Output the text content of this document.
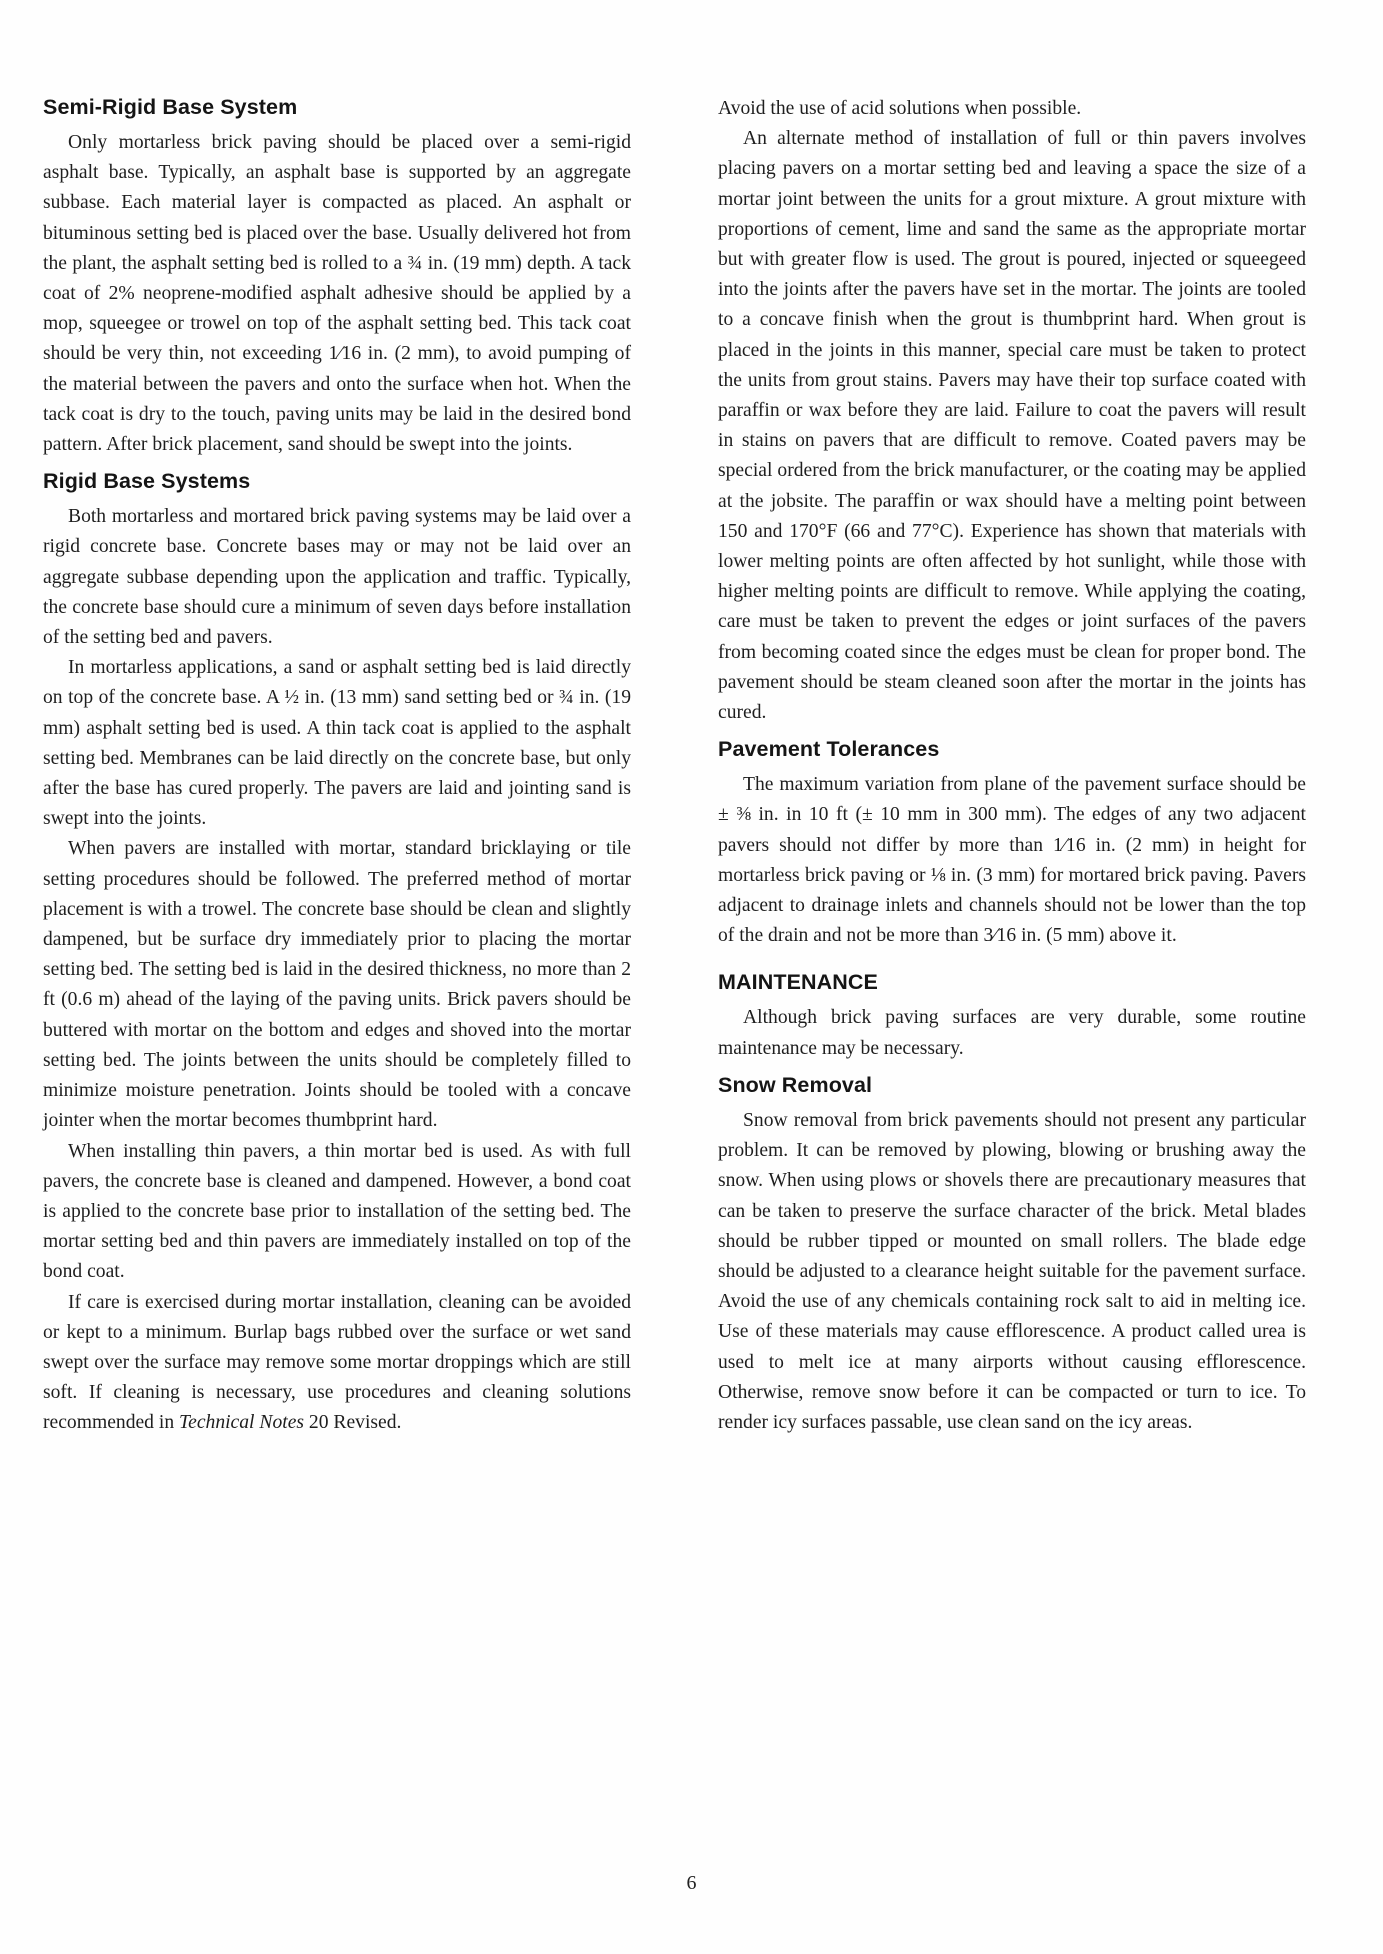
Semi-Rigid Base System

Only mortarless brick paving should be placed over a semi-rigid asphalt base. Typically, an asphalt base is supported by an aggregate subbase. Each material layer is compacted as placed. An asphalt or bituminous setting bed is placed over the base. Usually delivered hot from the plant, the asphalt setting bed is rolled to a ¾ in. (19 mm) depth. A tack coat of 2% neoprene-modified asphalt adhesive should be applied by a mop, squeegee or trowel on top of the asphalt setting bed. This tack coat should be very thin, not exceeding 1⁄16 in. (2 mm), to avoid pumping of the material between the pavers and onto the surface when hot. When the tack coat is dry to the touch, paving units may be laid in the desired bond pattern. After brick placement, sand should be swept into the joints.

Rigid Base Systems

Both mortarless and mortared brick paving systems may be laid over a rigid concrete base. Concrete bases may or may not be laid over an aggregate subbase depending upon the application and traffic. Typically, the concrete base should cure a minimum of seven days before installation of the setting bed and pavers.

In mortarless applications, a sand or asphalt setting bed is laid directly on top of the concrete base. A ½ in. (13 mm) sand setting bed or ¾ in. (19 mm) asphalt setting bed is used. A thin tack coat is applied to the asphalt setting bed. Membranes can be laid directly on the concrete base, but only after the base has cured properly. The pavers are laid and jointing sand is swept into the joints.

When pavers are installed with mortar, standard bricklaying or tile setting procedures should be followed. The preferred method of mortar placement is with a trowel. The concrete base should be clean and slightly dampened, but be surface dry immediately prior to placing the mortar setting bed. The setting bed is laid in the desired thickness, no more than 2 ft (0.6 m) ahead of the laying of the paving units. Brick pavers should be buttered with mortar on the bottom and edges and shoved into the mortar setting bed. The joints between the units should be completely filled to minimize moisture penetration. Joints should be tooled with a concave jointer when the mortar becomes thumbprint hard.

When installing thin pavers, a thin mortar bed is used. As with full pavers, the concrete base is cleaned and dampened. However, a bond coat is applied to the concrete base prior to installation of the setting bed. The mortar setting bed and thin pavers are immediately installed on top of the bond coat.

If care is exercised during mortar installation, cleaning can be avoided or kept to a minimum. Burlap bags rubbed over the surface or wet sand swept over the surface may remove some mortar droppings which are still soft. If cleaning is necessary, use procedures and cleaning solutions recommended in Technical Notes 20 Revised.

Avoid the use of acid solutions when possible.

An alternate method of installation of full or thin pavers involves placing pavers on a mortar setting bed and leaving a space the size of a mortar joint between the units for a grout mixture. A grout mixture with proportions of cement, lime and sand the same as the appropriate mortar but with greater flow is used. The grout is poured, injected or squeegeed into the joints after the pavers have set in the mortar. The joints are tooled to a concave finish when the grout is thumbprint hard. When grout is placed in the joints in this manner, special care must be taken to protect the units from grout stains. Pavers may have their top surface coated with paraffin or wax before they are laid. Failure to coat the pavers will result in stains on pavers that are difficult to remove. Coated pavers may be special ordered from the brick manufacturer, or the coating may be applied at the jobsite. The paraffin or wax should have a melting point between 150 and 170°F (66 and 77°C). Experience has shown that materials with lower melting points are often affected by hot sunlight, while those with higher melting points are difficult to remove. While applying the coating, care must be taken to prevent the edges or joint surfaces of the pavers from becoming coated since the edges must be clean for proper bond. The pavement should be steam cleaned soon after the mortar in the joints has cured.

Pavement Tolerances

The maximum variation from plane of the pavement surface should be ± ⅜ in. in 10 ft (± 10 mm in 300 mm). The edges of any two adjacent pavers should not differ by more than 1⁄16 in. (2 mm) in height for mortarless brick paving or ⅛ in. (3 mm) for mortared brick paving. Pavers adjacent to drainage inlets and channels should not be lower than the top of the drain and not be more than 3⁄16 in. (5 mm) above it.

MAINTENANCE

Although brick paving surfaces are very durable, some routine maintenance may be necessary.

Snow Removal

Snow removal from brick pavements should not present any particular problem. It can be removed by plowing, blowing or brushing away the snow. When using plows or shovels there are precautionary measures that can be taken to preserve the surface character of the brick. Metal blades should be rubber tipped or mounted on small rollers. The blade edge should be adjusted to a clearance height suitable for the pavement surface. Avoid the use of any chemicals containing rock salt to aid in melting ice. Use of these materials may cause efflorescence. A product called urea is used to melt ice at many airports without causing efflorescence. Otherwise, remove snow before it can be compacted or turn to ice. To render icy surfaces passable, use clean sand on the icy areas.

6
